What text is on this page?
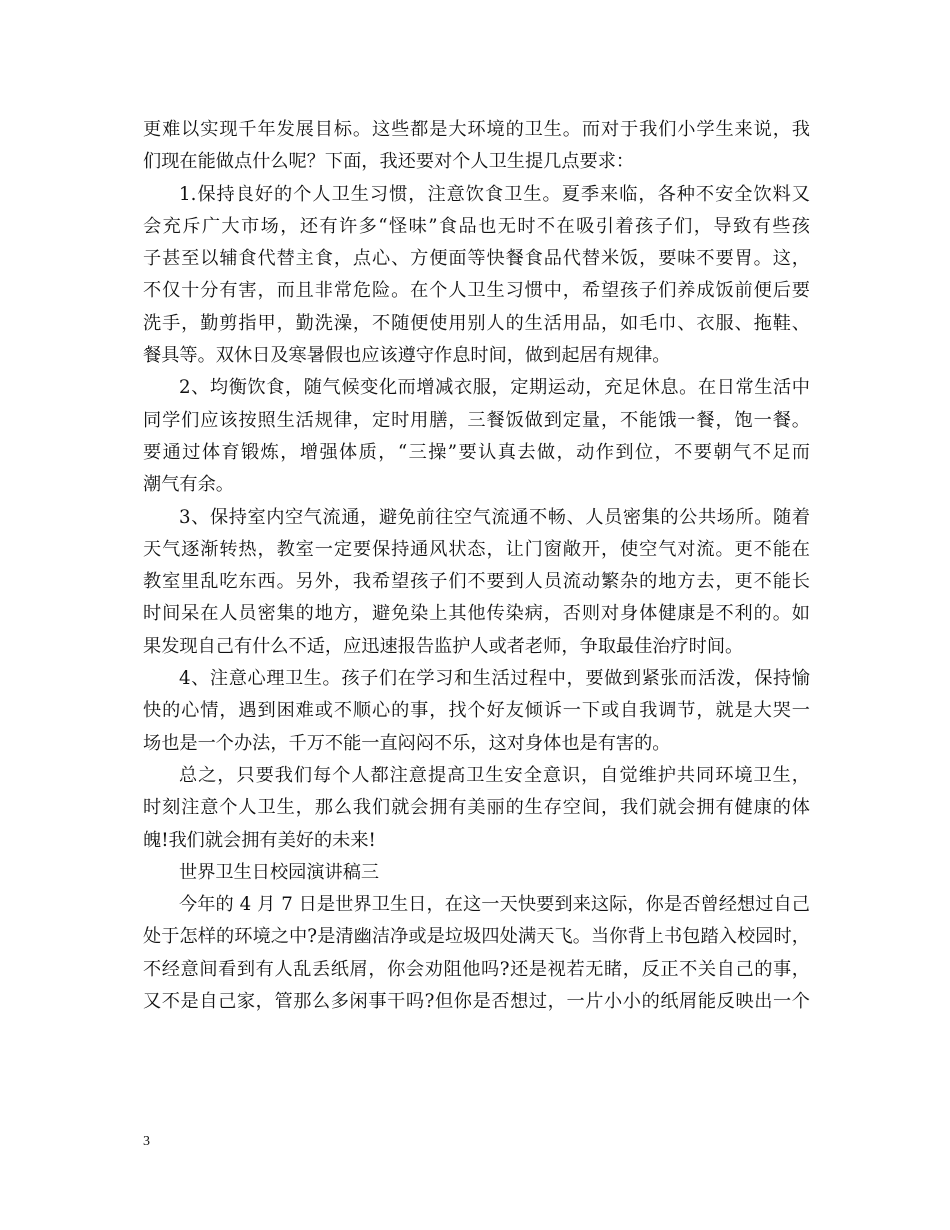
更难以实现千年发展目标。这些都是大环境的卫生。而对于我们小学生来说，我
们现在能做点什么呢？下面，我还要对个人卫生提几点要求：
1.保持良好的个人卫生习惯，注意饮食卫生。夏季来临，各种不安全饮料又
会充斥广大市场，还有许多“怪味”食品也无时不在吸引着孩子们，导致有些孩
子甚至以辅食代替主食，点心、方便面等快餐食品代替米饭，要味不要胃。这，
不仅十分有害，而且非常危险。在个人卫生习惯中，希望孩子们养成饭前便后要
洗手，勤剪指甲，勤洗澡，不随便使用别人的生活用品，如毛巾、衣服、拖鞋、
餐具等。双休日及寒暑假也应该遵守作息时间，做到起居有规律。
2、均衡饮食，随气候变化而增减衣服，定期运动，充足休息。在日常生活中
同学们应该按照生活规律，定时用膳，三餐饭做到定量，不能饿一餐，饱一餐。
要通过体育锻炼，增强体质，“三操”要认真去做，动作到位，不要朝气不足而
潮气有余。
3、保持室内空气流通，避免前往空气流通不畅、人员密集的公共场所。随着
天气逐渐转热，教室一定要保持通风状态，让门窗敞开，使空气对流。更不能在
教室里乱吃东西。另外，我希望孩子们不要到人员流动繁杂的地方去，更不能长
时间呆在人员密集的地方，避免染上其他传染病，否则对身体健康是不利的。如
果发现自己有什么不适，应迅速报告监护人或者老师，争取最佳治疗时间。
4、注意心理卫生。孩子们在学习和生活过程中，要做到紧张而活泼，保持愉
快的心情，遇到困难或不顺心的事，找个好友倾诉一下或自我调节，就是大哭一
场也是一个办法，千万不能一直闷闷不乐，这对身体也是有害的。
总之，只要我们每个人都注意提高卫生安全意识，自觉维护共同环境卫生，
时刻注意个人卫生，那么我们就会拥有美丽的生存空间，我们就会拥有健康的体
魄!我们就会拥有美好的未来!
世界卫生日校园演讲稿三
今年的 4 月 7 日是世界卫生日，在这一天快要到来这际，你是否曾经想过自己
处于怎样的环境之中?是清幽洁净或是垃圾四处满天飞。当你背上书包踏入校园时，
不经意间看到有人乱丢纸屑，你会劝阻他吗?还是视若无睹，反正不关自己的事，
又不是自己家，管那么多闲事干吗?但你是否想过，一片小小的纸屑能反映出一个
3
